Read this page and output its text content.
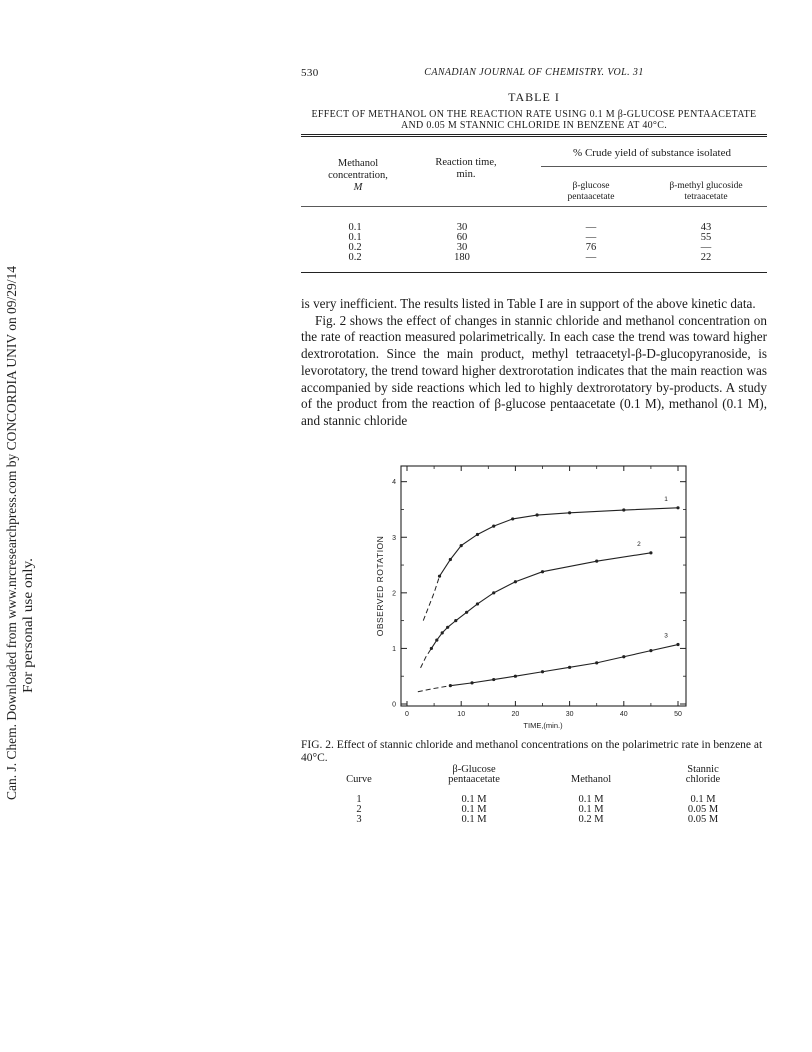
Can. J. Chem. Downloaded from www.nrcresearchpress.com by CONCORDIA UNIV on 09/29/14 For personal use only.
530	CANADIAN JOURNAL OF CHEMISTRY. VOL. 31
TABLE I
EFFECT OF METHANOL ON THE REACTION RATE USING 0.1 M β-GLUCOSE PENTAACETATE AND 0.05 M STANNIC CHLORIDE IN BENZENE AT 40°C.
% Crude yield of substance isolated
Methanol
concentration,
M
Reaction time,
min.
β-glucose
pentaacetate
β-methyl glucoside
tetraacetate
0.1	30	—	43
0.1	60	—	55
0.2	30	76	—
0.2	180	—	22

is very inefficient. The results listed in Table I are in support of the above kinetic data.

Fig. 2 shows the effect of changes in stannic chloride and methanol concentration on the rate of reaction measured polarimetrically. In each case the trend was toward higher dextrorotation. Since the main product, methyl tetraacetyl-β-D-glucopyranoside, is levorotatory, the trend toward higher dextrorotation indicates that the main reaction was accompanied by side reactions which led to highly dextrorotatory by-products. A study of the product from the reaction of β-glucose pentaacetate (0.1 M), methanol (0.1 M), and stannic chloride

OBSERVED ROTATION
TIME,(min.)
0	10	20	30	40	50
0
1
2
3
4
1
2
3
FIG. 2. Effect of stannic chloride and methanol concentrations on the polarimetric rate in benzene at 40°C.
Curve
β-Glucose
pentaacetate	Methanol
Stannic
chloride
1	0.1 M	0.1 M	0.1 M
2	0.1 M	0.1 M	0.05 M
3	0.1 M	0.2 M	0.05 M
